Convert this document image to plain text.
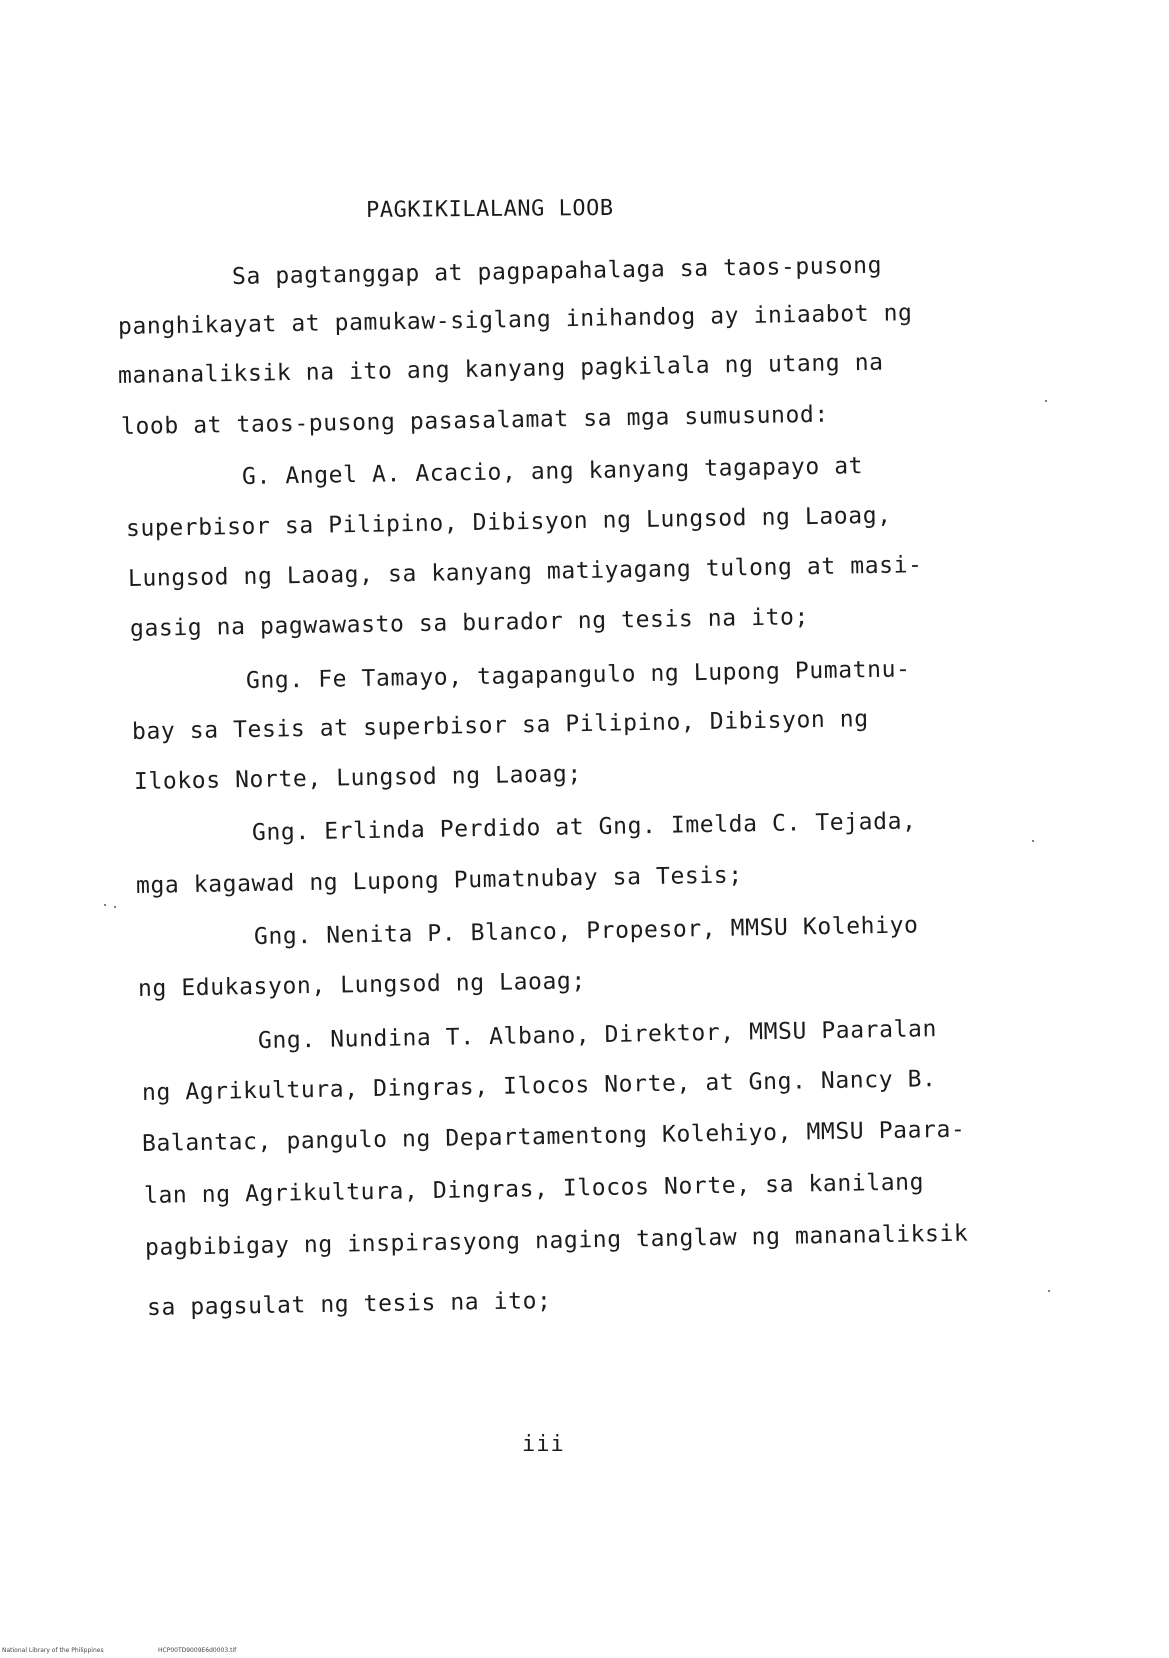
PAGKIKILALANG LOOB
Sa pagtanggap at pagpapahalaga sa taos-pusong
panghikayat at pamukaw-siglang inihandog ay iniaabot ng
mananaliksik na ito ang kanyang pagkilala ng utang na
loob at taos-pusong pasasalamat sa mga sumusunod:
G. Angel A. Acacio, ang kanyang tagapayo at
superbisor sa Pilipino, Dibisyon ng Lungsod ng Laoag,
Lungsod ng Laoag, sa kanyang matiyagang tulong at masi-
gasig na pagwawasto sa burador ng tesis na ito;
Gng. Fe Tamayo, tagapangulo ng Lupong Pumatnu-
bay sa Tesis at superbisor sa Pilipino, Dibisyon ng
Ilokos Norte, Lungsod ng Laoag;
Gng. Erlinda Perdido at Gng. Imelda C. Tejada,
mga kagawad ng Lupong Pumatnubay sa Tesis;
Gng. Nenita P. Blanco, Propesor, MMSU Kolehiyo
ng Edukasyon, Lungsod ng Laoag;
Gng. Nundina T. Albano, Direktor, MMSU Paaralan
ng Agrikultura, Dingras, Ilocos Norte, at Gng. Nancy B.
Balantac, pangulo ng Departamentong Kolehiyo, MMSU Paara-
lan ng Agrikultura, Dingras, Ilocos Norte, sa kanilang
pagbibigay ng inspirasyong naging tanglaw ng mananaliksik
sa pagsulat ng tesis na ito;
iii
National Library of the Philippines	HCP00TD9009E6d0003.tif
